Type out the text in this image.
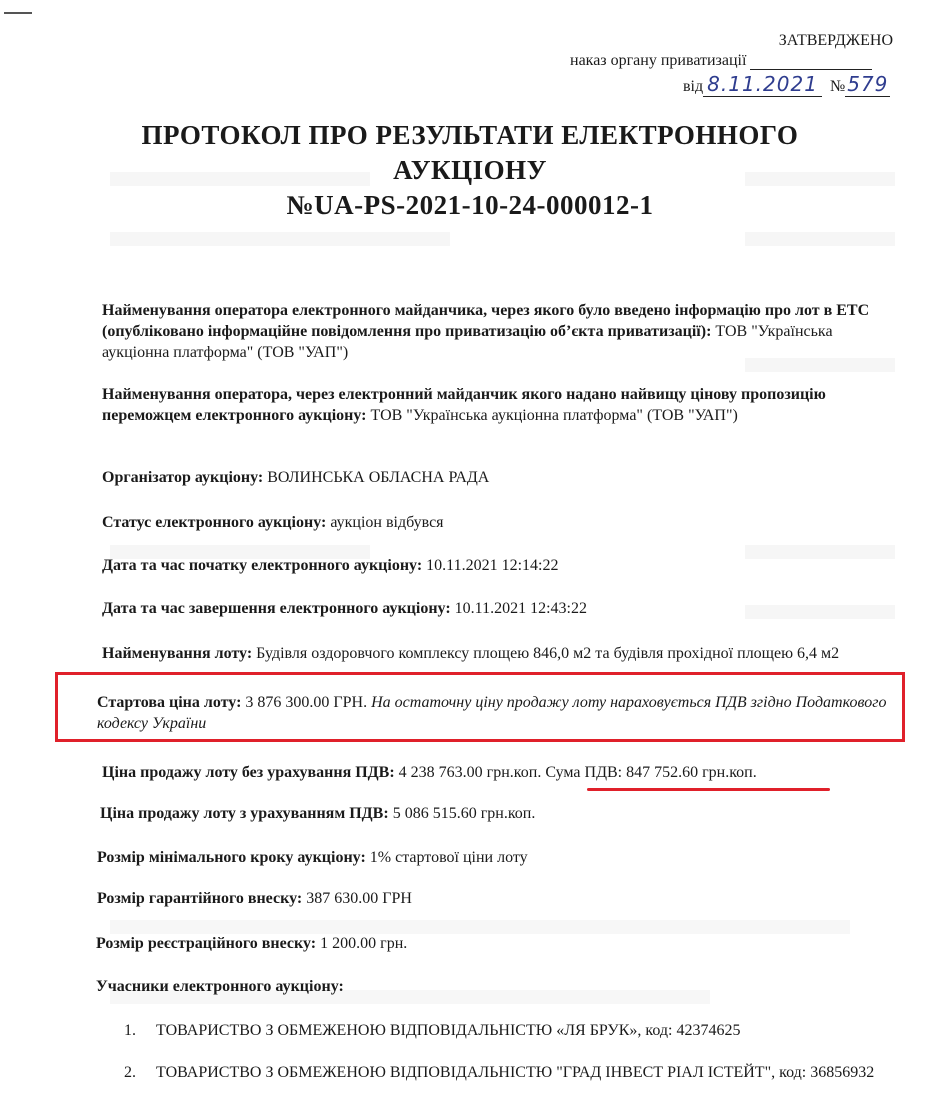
ЗАТВЕРДЖЕНО
наказ органу приватизації
від 8.11.2021 № 579
ПРОТОКОЛ ПРО РЕЗУЛЬТАТИ ЕЛЕКТРОННОГО
АУКЦІОНУ
№UA-PS-2021-10-24-000012-1
Найменування оператора електронного майданчика, через якого було введено інформацію про лот в ЕТС (опубліковано інформаційне повідомлення про приватизацію об’єкта приватизації): ТОВ "Українська аукціонна платформа" (ТОВ "УАП")
Найменування оператора, через електронний майданчик якого надано найвищу цінову пропозицію переможцем електронного аукціону: ТОВ "Українська аукціонна платформа" (ТОВ "УАП")
Організатор аукціону: ВОЛИНСЬКА ОБЛАСНА РАДА
Статус електронного аукціону: аукціон відбувся
Дата та час початку електронного аукціону: 10.11.2021 12:14:22
Дата та час завершення електронного аукціону: 10.11.2021 12:43:22
Найменування лоту: Будівля оздоровчого комплексу площею 846,0 м2 та будівля прохідної площею 6,4 м2
Стартова ціна лоту: 3 876 300.00 ГРН. На остаточну ціну продажу лоту нараховується ПДВ згідно Податкового кодексу України
Ціна продажу лоту без урахування ПДВ: 4 238 763.00 грн.коп. Сума ПДВ: 847 752.60 грн.коп.
Ціна продажу лоту з урахуванням ПДВ: 5 086 515.60 грн.коп.
Розмір мінімального кроку аукціону: 1% стартової ціни лоту
Розмір гарантійного внеску: 387 630.00 ГРН
Розмір реєстраційного внеску: 1 200.00 грн.
Учасники електронного аукціону:
1. ТОВАРИСТВО З ОБМЕЖЕНОЮ ВІДПОВІДАЛЬНІСТЮ «ЛЯ БРУК», код: 42374625
2. ТОВАРИСТВО З ОБМЕЖЕНОЮ ВІДПОВІДАЛЬНІСТЮ "ГРАД ІНВЕСТ РІАЛ ІСТЕЙТ", код: 36856932
